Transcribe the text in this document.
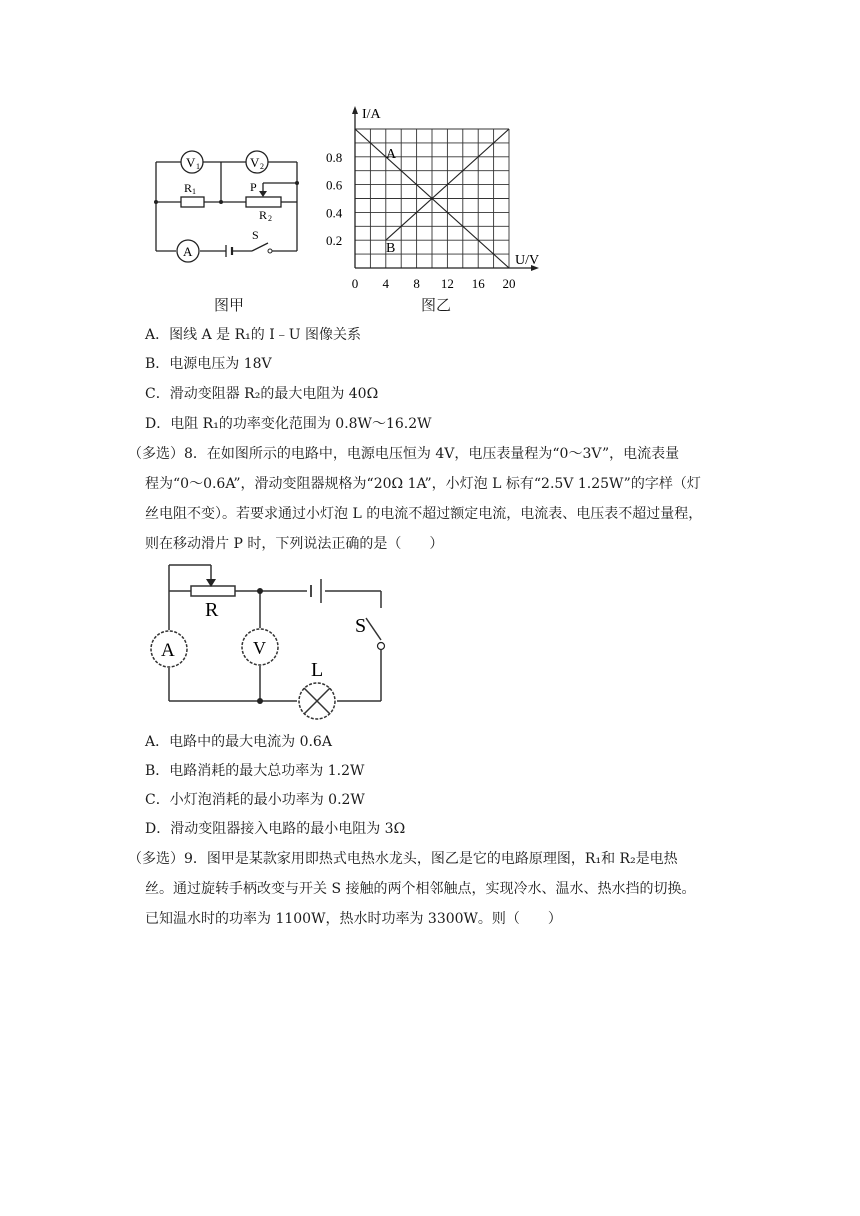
V 1	V 2
R 1	P
R 2
A
S
图甲
0.2
0.4
0.6
0.8
0 4 8 12 16 20
I/A
U/V
A
B
图乙
A．图线 A 是 R₁的 I﹣U 图像关系
B．电源电压为 18V
C．滑动变阻器 R₂的最大电阻为 40Ω
D．电阻 R₁的功率变化范围为 0.8W～16.2W
（多选）8．在如图所示的电路中，电源电压恒为 4V，电压表量程为“0～3V”，电流表量
程为“0～0.6A”，滑动变阻器规格为“20Ω 1A”，小灯泡 L 标有“2.5V 1.25W”的字样（灯
丝电阻不变）。若要求通过小灯泡 L 的电流不超过额定电流，电流表、电压表不超过量程，
则在移动滑片 P 时，下列说法正确的是（　　）
R
A	V
S
L
A．电路中的最大电流为 0.6A
B．电路消耗的最大总功率为 1.2W
C．小灯泡消耗的最小功率为 0.2W
D．滑动变阻器接入电路的最小电阻为 3Ω
（多选）9．图甲是某款家用即热式电热水龙头，图乙是它的电路原理图，R₁和 R₂是电热
丝。通过旋转手柄改变与开关 S 接触的两个相邻触点，实现冷水、温水、热水挡的切换。
已知温水时的功率为 1100W，热水时功率为 3300W。则（　　）
